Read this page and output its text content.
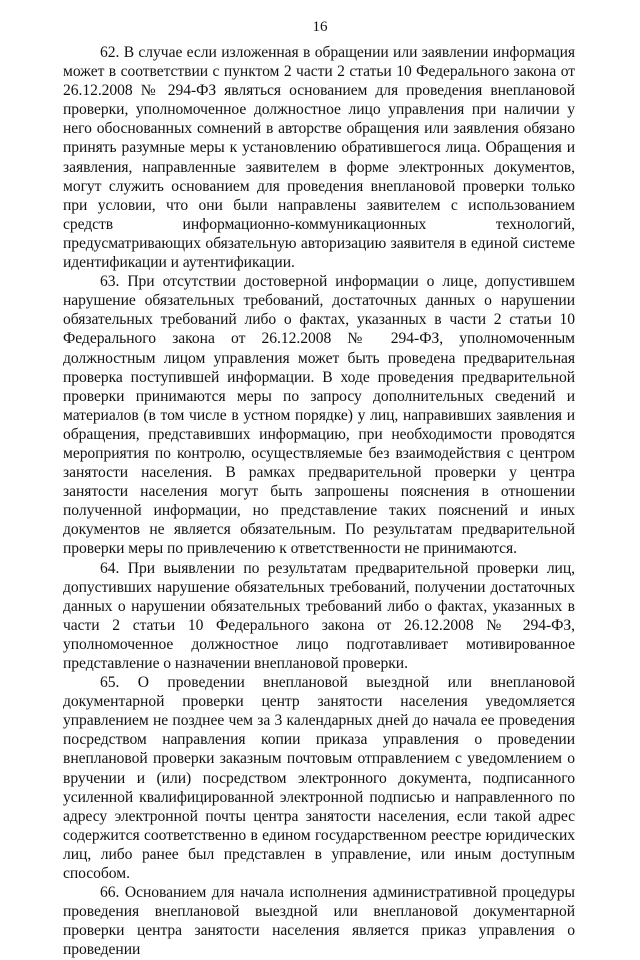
16

62. В случае если изложенная в обращении или заявлении информация может в соответствии с пунктом 2 части 2 статьи 10 Федерального закона от 26.12.2008 № 294-ФЗ являться основанием для проведения внеплановой проверки, уполномоченное должностное лицо управления при наличии у него обоснованных сомнений в авторстве обращения или заявления обязано принять разумные меры к установлению обратившегося лица. Обращения и заявления, направленные заявителем в форме электронных документов, могут служить основанием для проведения внеплановой проверки только при условии, что они были направлены заявителем с использованием средств информационно-коммуникационных технологий, предусматривающих обязательную авторизацию заявителя в единой системе идентификации и аутентификации.

63. При отсутствии достоверной информации о лице, допустившем нарушение обязательных требований, достаточных данных о нарушении обязательных требований либо о фактах, указанных в части 2 статьи 10 Федерального закона от 26.12.2008 № 294-ФЗ, уполномоченным должностным лицом управления может быть проведена предварительная проверка поступившей информации. В ходе проведения предварительной проверки принимаются меры по запросу дополнительных сведений и материалов (в том числе в устном порядке) у лиц, направивших заявления и обращения, представивших информацию, при необходимости проводятся мероприятия по контролю, осуществляемые без взаимодействия с центром занятости населения. В рамках предварительной проверки у центра занятости населения могут быть запрошены пояснения в отношении полученной информации, но представление таких пояснений и иных документов не является обязательным. По результатам предварительной проверки меры по привлечению к ответственности не принимаются.

64. При выявлении по результатам предварительной проверки лиц, допустивших нарушение обязательных требований, получении достаточных данных о нарушении обязательных требований либо о фактах, указанных в части 2 статьи 10 Федерального закона от 26.12.2008 № 294-ФЗ, уполномоченное должностное лицо подготавливает мотивированное представление о назначении внеплановой проверки.

65. О проведении внеплановой выездной или внеплановой документарной проверки центр занятости населения уведомляется управлением не позднее чем за 3 календарных дней до начала ее проведения посредством направления копии приказа управления о проведении внеплановой проверки заказным почтовым отправлением с уведомлением о вручении и (или) посредством электронного документа, подписанного усиленной квалифицированной электронной подписью и направленного по адресу электронной почты центра занятости населения, если такой адрес содержится соответственно в едином государственном реестре юридических лиц, либо ранее был представлен в управление, или иным доступным способом.

66. Основанием для начала исполнения административной процедуры проведения внеплановой выездной или внеплановой документарной проверки центра занятости населения является приказ управления о проведении
